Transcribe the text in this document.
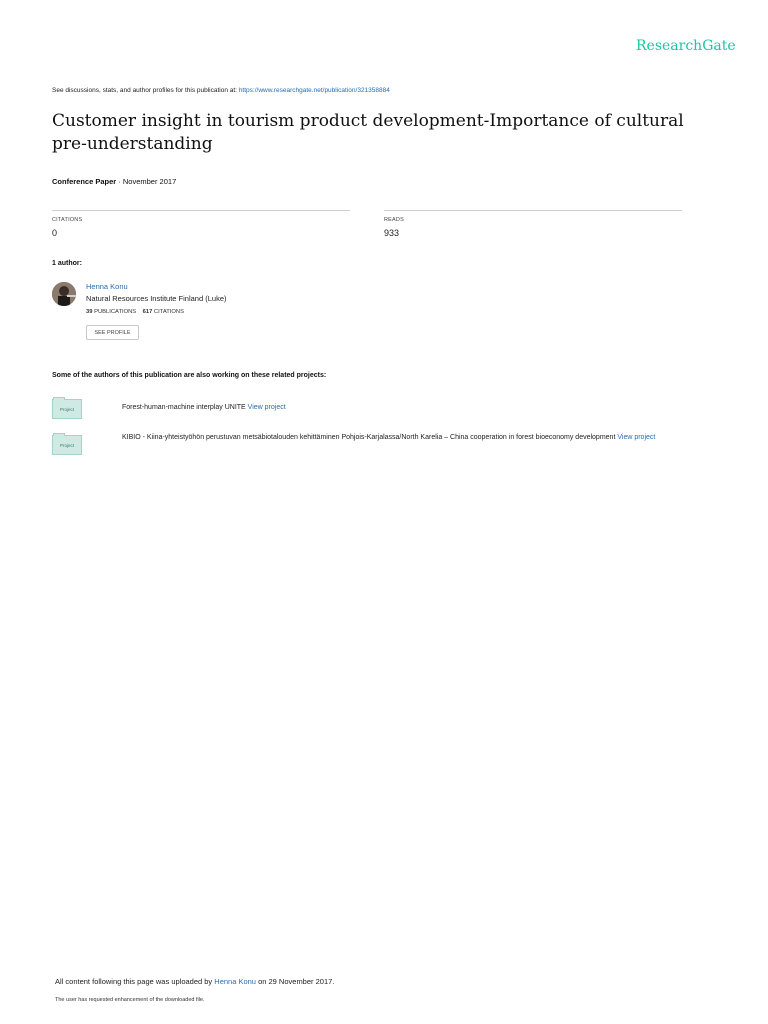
ResearchGate
See discussions, stats, and author profiles for this publication at: https://www.researchgate.net/publication/321358884
Customer insight in tourism product development-Importance of cultural pre-understanding
Conference Paper · November 2017
CITATIONS
0
READS
933
1 author:
Henna Konu
Natural Resources Institute Finland (Luke)
39 PUBLICATIONS 617 CITATIONS
SEE PROFILE
Some of the authors of this publication are also working on these related projects:
Project	Forest-human-machine interplay UNITE View project
Project
KIBIO - Kiina-yhteistyöhön perustuvan metsäbiotalouden kehittäminen Pohjois-Karjalassa/North Karelia – China cooperation in forest bioeconomy development View project
All content following this page was uploaded by Henna Konu on 29 November 2017.
The user has requested enhancement of the downloaded file.
